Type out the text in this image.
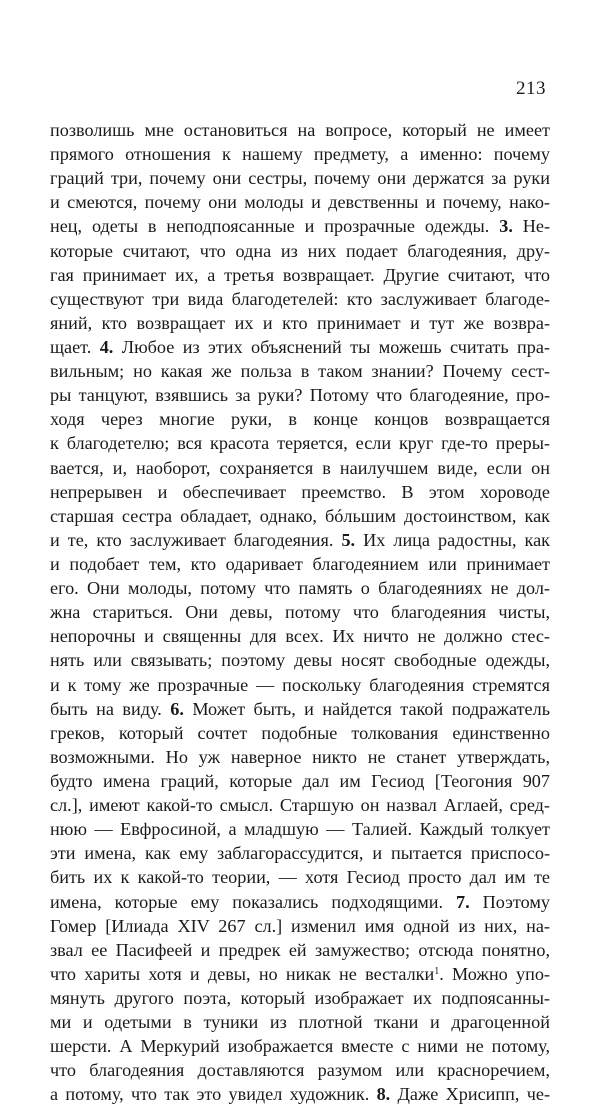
213
позволишь мне остановиться на вопросе, который не имеет
прямого отношения к нашему предмету, а именно: почему
граций три, почему они сестры, почему они держатся за руки
и смеются, почему они молоды и девственны и почему, нако-
нец, одеты в неподпоясанные и прозрачные одежды. 3. Не-
которые считают, что одна из них подает благодеяния, дру-
гая принимает их, а третья возвращает. Другие считают, что
существуют три вида благодетелей: кто заслуживает благоде-
яний, кто возвращает их и кто принимает и тут же возвра-
щает. 4. Любое из этих объяснений ты можешь считать пра-
вильным; но какая же польза в таком знании? Почему сест-
ры танцуют, взявшись за руки? Потому что благодеяние, про-
ходя через многие руки, в конце концов возвращается
к благодетелю; вся красота теряется, если круг где-то преры-
вается, и, наоборот, сохраняется в наилучшем виде, если он
непрерывен и обеспечивает преемство. В этом хороводе
старшая сестра обладает, однако, бóльшим достоинством, как
и те, кто заслуживает благодеяния. 5. Их лица радостны, как
и подобает тем, кто одаривает благодеянием или принимает
его. Они молоды, потому что память о благодеяниях не дол-
жна стариться. Они девы, потому что благодеяния чисты,
непорочны и священны для всех. Их ничто не должно стес-
нять или связывать; поэтому девы носят свободные одежды,
и к тому же прозрачные — поскольку благодеяния стремятся
быть на виду. 6. Может быть, и найдется такой подражатель
греков, который сочтет подобные толкования единственно
возможными. Но уж наверное никто не станет утверждать,
будто имена граций, которые дал им Гесиод [Теогония 907
сл.], имеют какой-то смысл. Старшую он назвал Аглаей, сред-
нюю — Евфросиной, а младшую — Талией. Каждый толкует
эти имена, как ему заблагорассудится, и пытается приспосо-
бить их к какой-то теории, — хотя Гесиод просто дал им те
имена, которые ему показались подходящими. 7. Поэтому
Гомер [Илиада XIV 267 сл.] изменил имя одной из них, на-
звал ее Пасифеей и предрек ей замужество; отсюда понятно,
что хариты хотя и девы, но никак не весталки$^1$. Можно упо-
мянуть другого поэта, который изображает их подпоясанны-
ми и одетыми в туники из плотной ткани и драгоценной
шерсти. А Меркурий изображается вместе с ними не потому,
что благодеяния доставляются разумом или красноречием,
а потому, что так это увидел художник. 8. Даже Хрисипп, че-
